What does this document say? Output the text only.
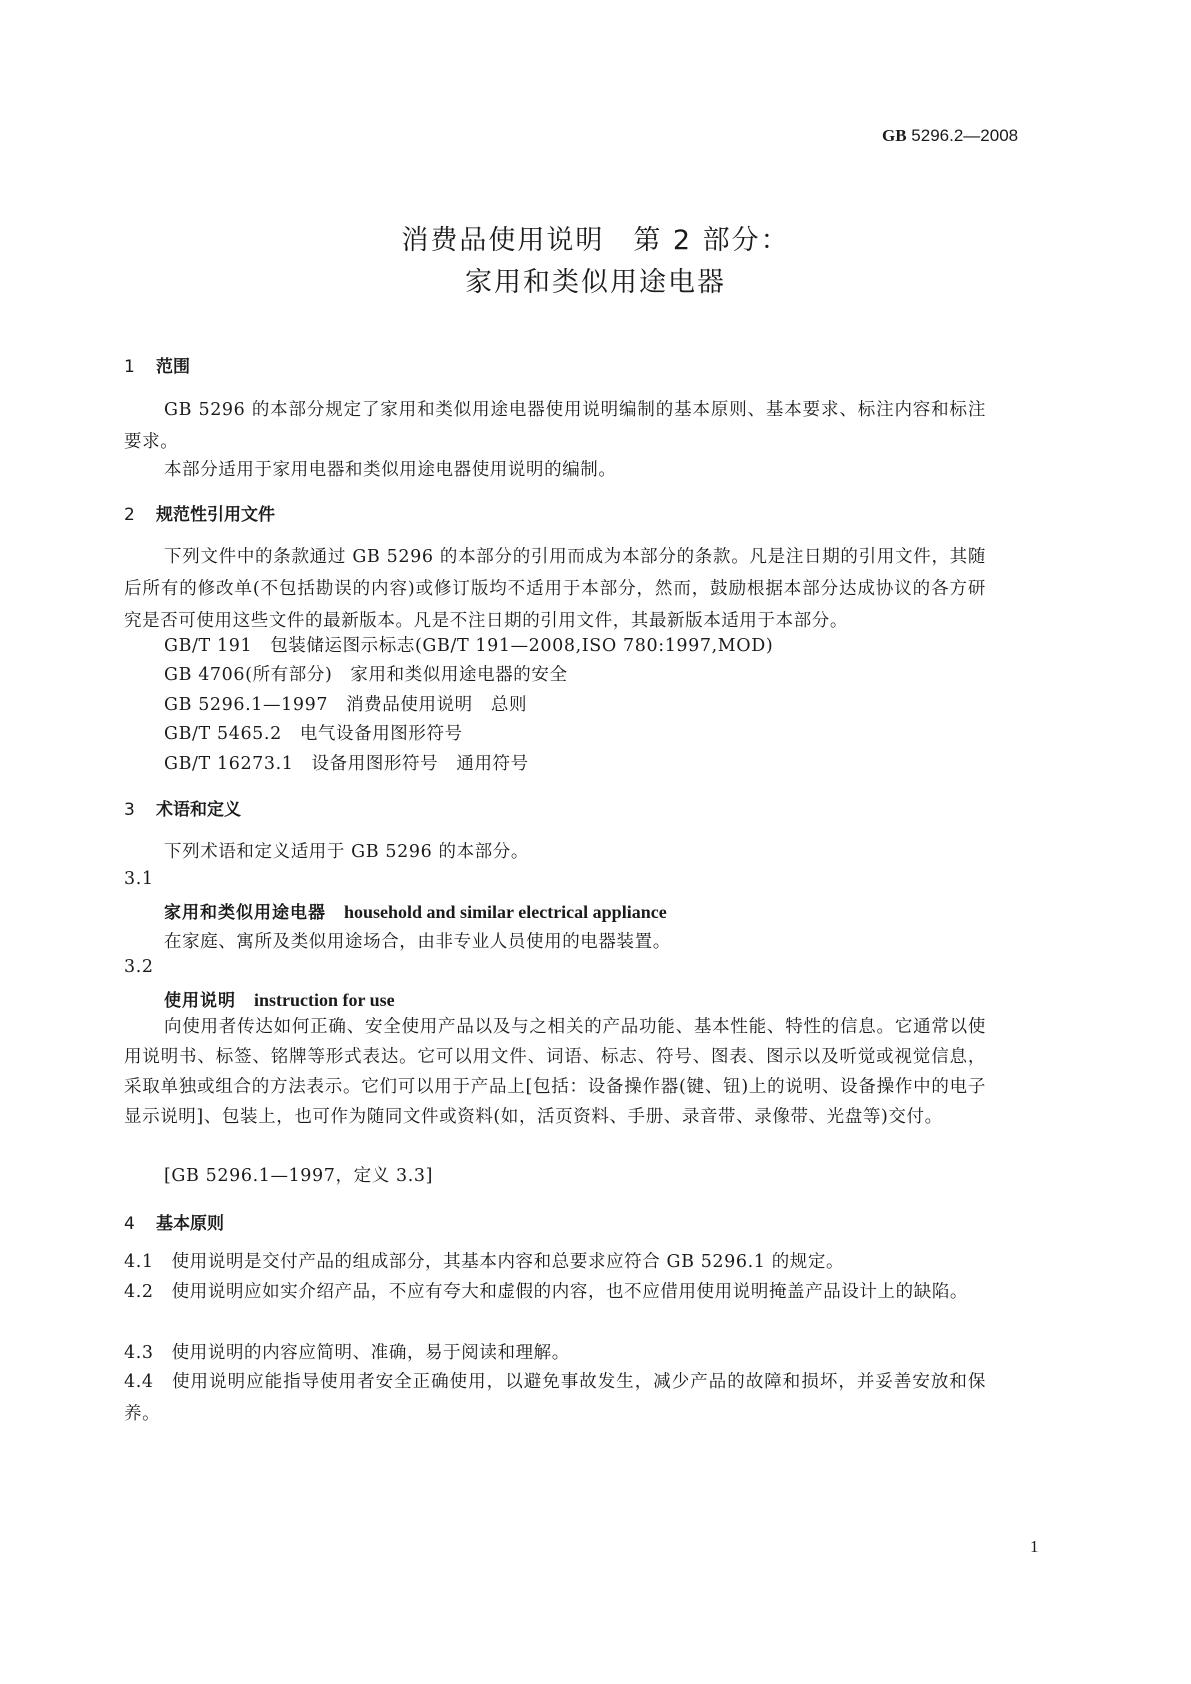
GB 5296.2—2008
消费品使用说明　第 2 部分：
家用和类似用途电器
1 范围
GB 5296 的本部分规定了家用和类似用途电器使用说明编制的基本原则、基本要求、标注内容和标注要求。
本部分适用于家用电器和类似用途电器使用说明的编制。
2 规范性引用文件
下列文件中的条款通过 GB 5296 的本部分的引用而成为本部分的条款。凡是注日期的引用文件，其随后所有的修改单(不包括勘误的内容)或修订版均不适用于本部分，然而，鼓励根据本部分达成协议的各方研究是否可使用这些文件的最新版本。凡是不注日期的引用文件，其最新版本适用于本部分。
GB/T 191 包装储运图示标志(GB/T 191—2008,ISO 780:1997,MOD)
GB 4706(所有部分) 家用和类似用途电器的安全
GB 5296.1—1997 消费品使用说明　总则
GB/T 5465.2 电气设备用图形符号
GB/T 16273.1 设备用图形符号　通用符号
3 术语和定义
下列术语和定义适用于 GB 5296 的本部分。
3.1
家用和类似用途电器 household and similar electrical appliance
在家庭、寓所及类似用途场合，由非专业人员使用的电器装置。
3.2
使用说明 instruction for use
向使用者传达如何正确、安全使用产品以及与之相关的产品功能、基本性能、特性的信息。它通常以使用说明书、标签、铭牌等形式表达。它可以用文件、词语、标志、符号、图表、图示以及听觉或视觉信息，采取单独或组合的方法表示。它们可以用于产品上[包括：设备操作器(键、钮)上的说明、设备操作中的电子显示说明]、包装上，也可作为随同文件或资料(如，活页资料、手册、录音带、录像带、光盘等)交付。
[GB 5296.1—1997，定义 3.3]
4 基本原则
4.1 使用说明是交付产品的组成部分，其基本内容和总要求应符合 GB 5296.1 的规定。
4.2 使用说明应如实介绍产品，不应有夸大和虚假的内容，也不应借用使用说明掩盖产品设计上的缺陷。
4.3 使用说明的内容应简明、准确，易于阅读和理解。
4.4 使用说明应能指导使用者安全正确使用，以避免事故发生，减少产品的故障和损坏，并妥善安放和保养。
1
